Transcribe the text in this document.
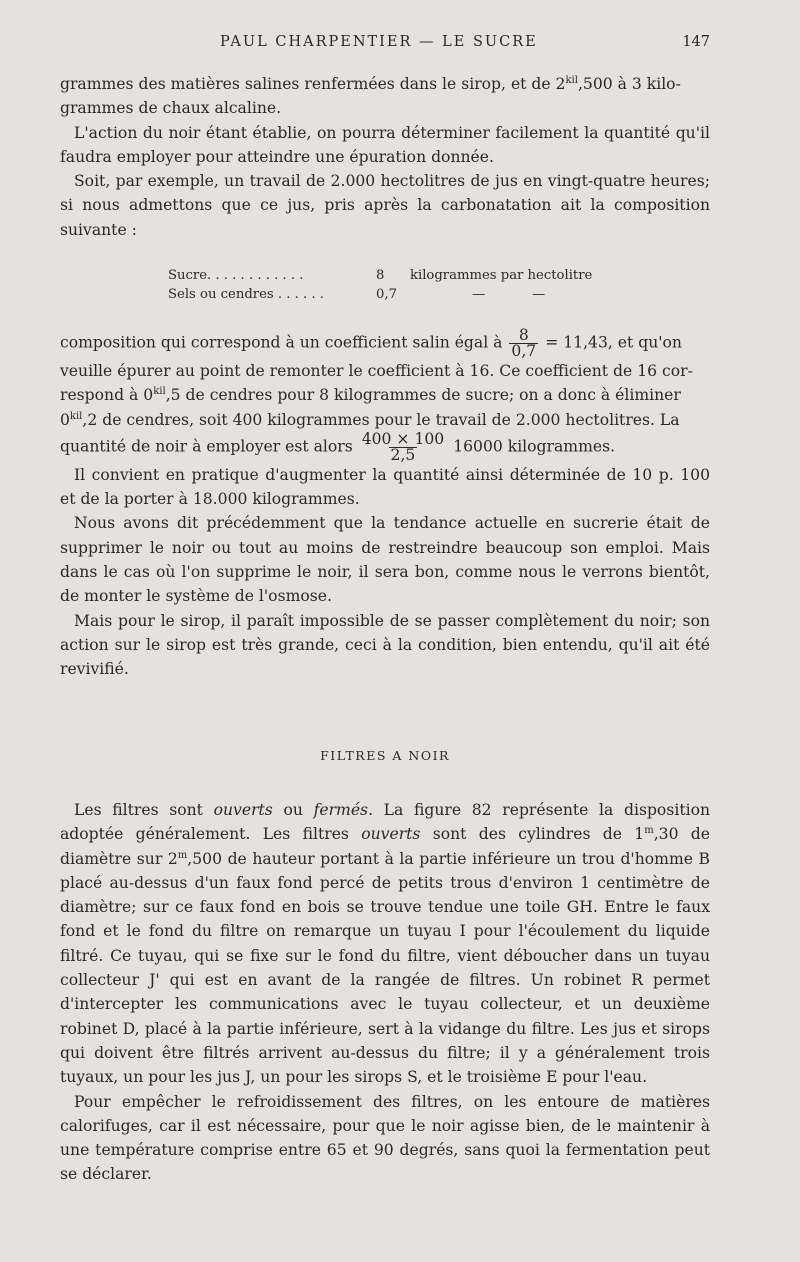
PAUL CHARPENTIER — LE SUCRE	147

grammes des matières salines renfermées dans le sirop, et de $2^{kil},500$ à 3 kilo-
grammes de chaux alcaline.

L'action du noir étant établie, on pourra déterminer facilement la quantité qu'il faudra employer pour atteindre une épuration donnée.

Soit, par exemple, un travail de 2.000 hectolitres de jus en vingt-quatre heures; si nous admettons que ce jus, pris après la carbonatation ait la composition suivante :

Sucre. . . . . . . . . . . .	8	kilogrammes par hectolitre
Sels ou cendres . . . . . .	0,7	—	—

composition qui correspond à un coefficient salin égal à $\frac{8}{0,7} = 11,43$, et qu'on
veuille épurer au point de remonter le coefficient à 16. Ce coefficient de 16 cor-
respond à $0^{kil},5$ de cendres pour 8 kilogrammes de sucre; on a donc à éliminer
$0^{kil},2$ de cendres, soit 400 kilogrammes pour le travail de 2.000 hectolitres. La
quantité de noir à employer est alors $\frac{400 \times 100}{2,5} 16000$ kilogrammes.

Il convient en pratique d'augmenter la quantité ainsi déterminée de 10 p. 100 et de la porter à 18.000 kilogrammes.

Nous avons dit précédemment que la tendance actuelle en sucrerie était de supprimer le noir ou tout au moins de restreindre beaucoup son emploi. Mais dans le cas où l'on supprime le noir, il sera bon, comme nous le verrons bientôt, de monter le système de l'osmose.

Mais pour le sirop, il paraît impossible de se passer complètement du noir; son action sur le sirop est très grande, ceci à la condition, bien entendu, qu'il ait été revivifié.

FILTRES A NOIR

Les filtres sont ouverts ou fermés. La figure 82 représente la disposition adoptée généralement. Les filtres ouverts sont des cylindres de 1$^m$,30 de diamètre sur 2$^m$,500 de hauteur portant à la partie inférieure un trou d'homme B placé au-dessus d'un faux fond percé de petits trous d'environ 1 centimètre de diamètre; sur ce faux fond en bois se trouve tendue une toile GH. Entre le faux fond et le fond du filtre on remarque un tuyau I pour l'écoulement du liquide filtré. Ce tuyau, qui se fixe sur le fond du filtre, vient déboucher dans un tuyau collecteur J' qui est en avant de la rangée de filtres. Un robinet R permet d'intercepter les communications avec le tuyau collecteur, et un deuxième robinet D, placé à la partie inférieure, sert à la vidange du filtre. Les jus et sirops qui doivent être filtrés arrivent au-dessus du filtre; il y a généralement trois tuyaux, un pour les jus J, un pour les sirops S, et le troisième E pour l'eau.

Pour empêcher le refroidissement des filtres, on les entoure de matières calorifuges, car il est nécessaire, pour que le noir agisse bien, de le maintenir à une température comprise entre 65 et 90 degrés, sans quoi la fermentation peut se déclarer.
